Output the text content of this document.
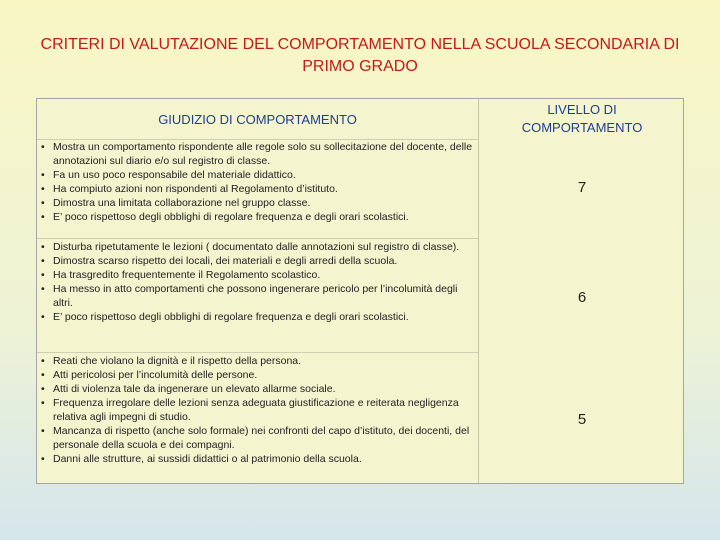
CRITERI DI VALUTAZIONE DEL COMPORTAMENTO NELLA SCUOLA SECONDARIA DI
PRIMO GRADO
GIUDIZIO DI COMPORTAMENTO
LIVELLO DI
COMPORTAMENTO
• Mostra un comportamento rispondente alle regole solo su sollecitazione del docente, delle annotazioni sul diario e/o sul registro di classe.
• Fa un uso poco responsabile del materiale didattico.
• Ha compiuto azioni non rispondenti al Regolamento d’istituto.
• Dimostra una limitata collaborazione nel gruppo classe.
• E’ poco rispettoso degli obblighi di regolare frequenza e degli orari scolastici.
7
• Disturba ripetutamente le lezioni ( documentato dalle annotazioni sul registro di classe).
• Dimostra scarso rispetto dei locali, dei materiali e degli arredi della scuola.
• Ha trasgredito frequentemente il Regolamento scolastico.
• Ha messo in atto comportamenti che possono ingenerare pericolo per l’incolumità degli altri.
• E’ poco rispettoso degli obblighi di regolare frequenza e degli orari scolastici.
6
• Reati che violano la dignità e il rispetto della persona.
• Atti pericolosi per l’incolumità delle persone.
• Atti di violenza tale da ingenerare un elevato allarme sociale.
• Frequenza irregolare delle lezioni senza adeguata giustificazione e reiterata negligenza relativa agli impegni di studio.
• Mancanza di rispetto (anche solo formale) nei confronti del capo d’istituto, dei docenti, del personale della scuola e dei compagni.
• Danni alle strutture, ai sussidi didattici o al patrimonio della scuola.
5
